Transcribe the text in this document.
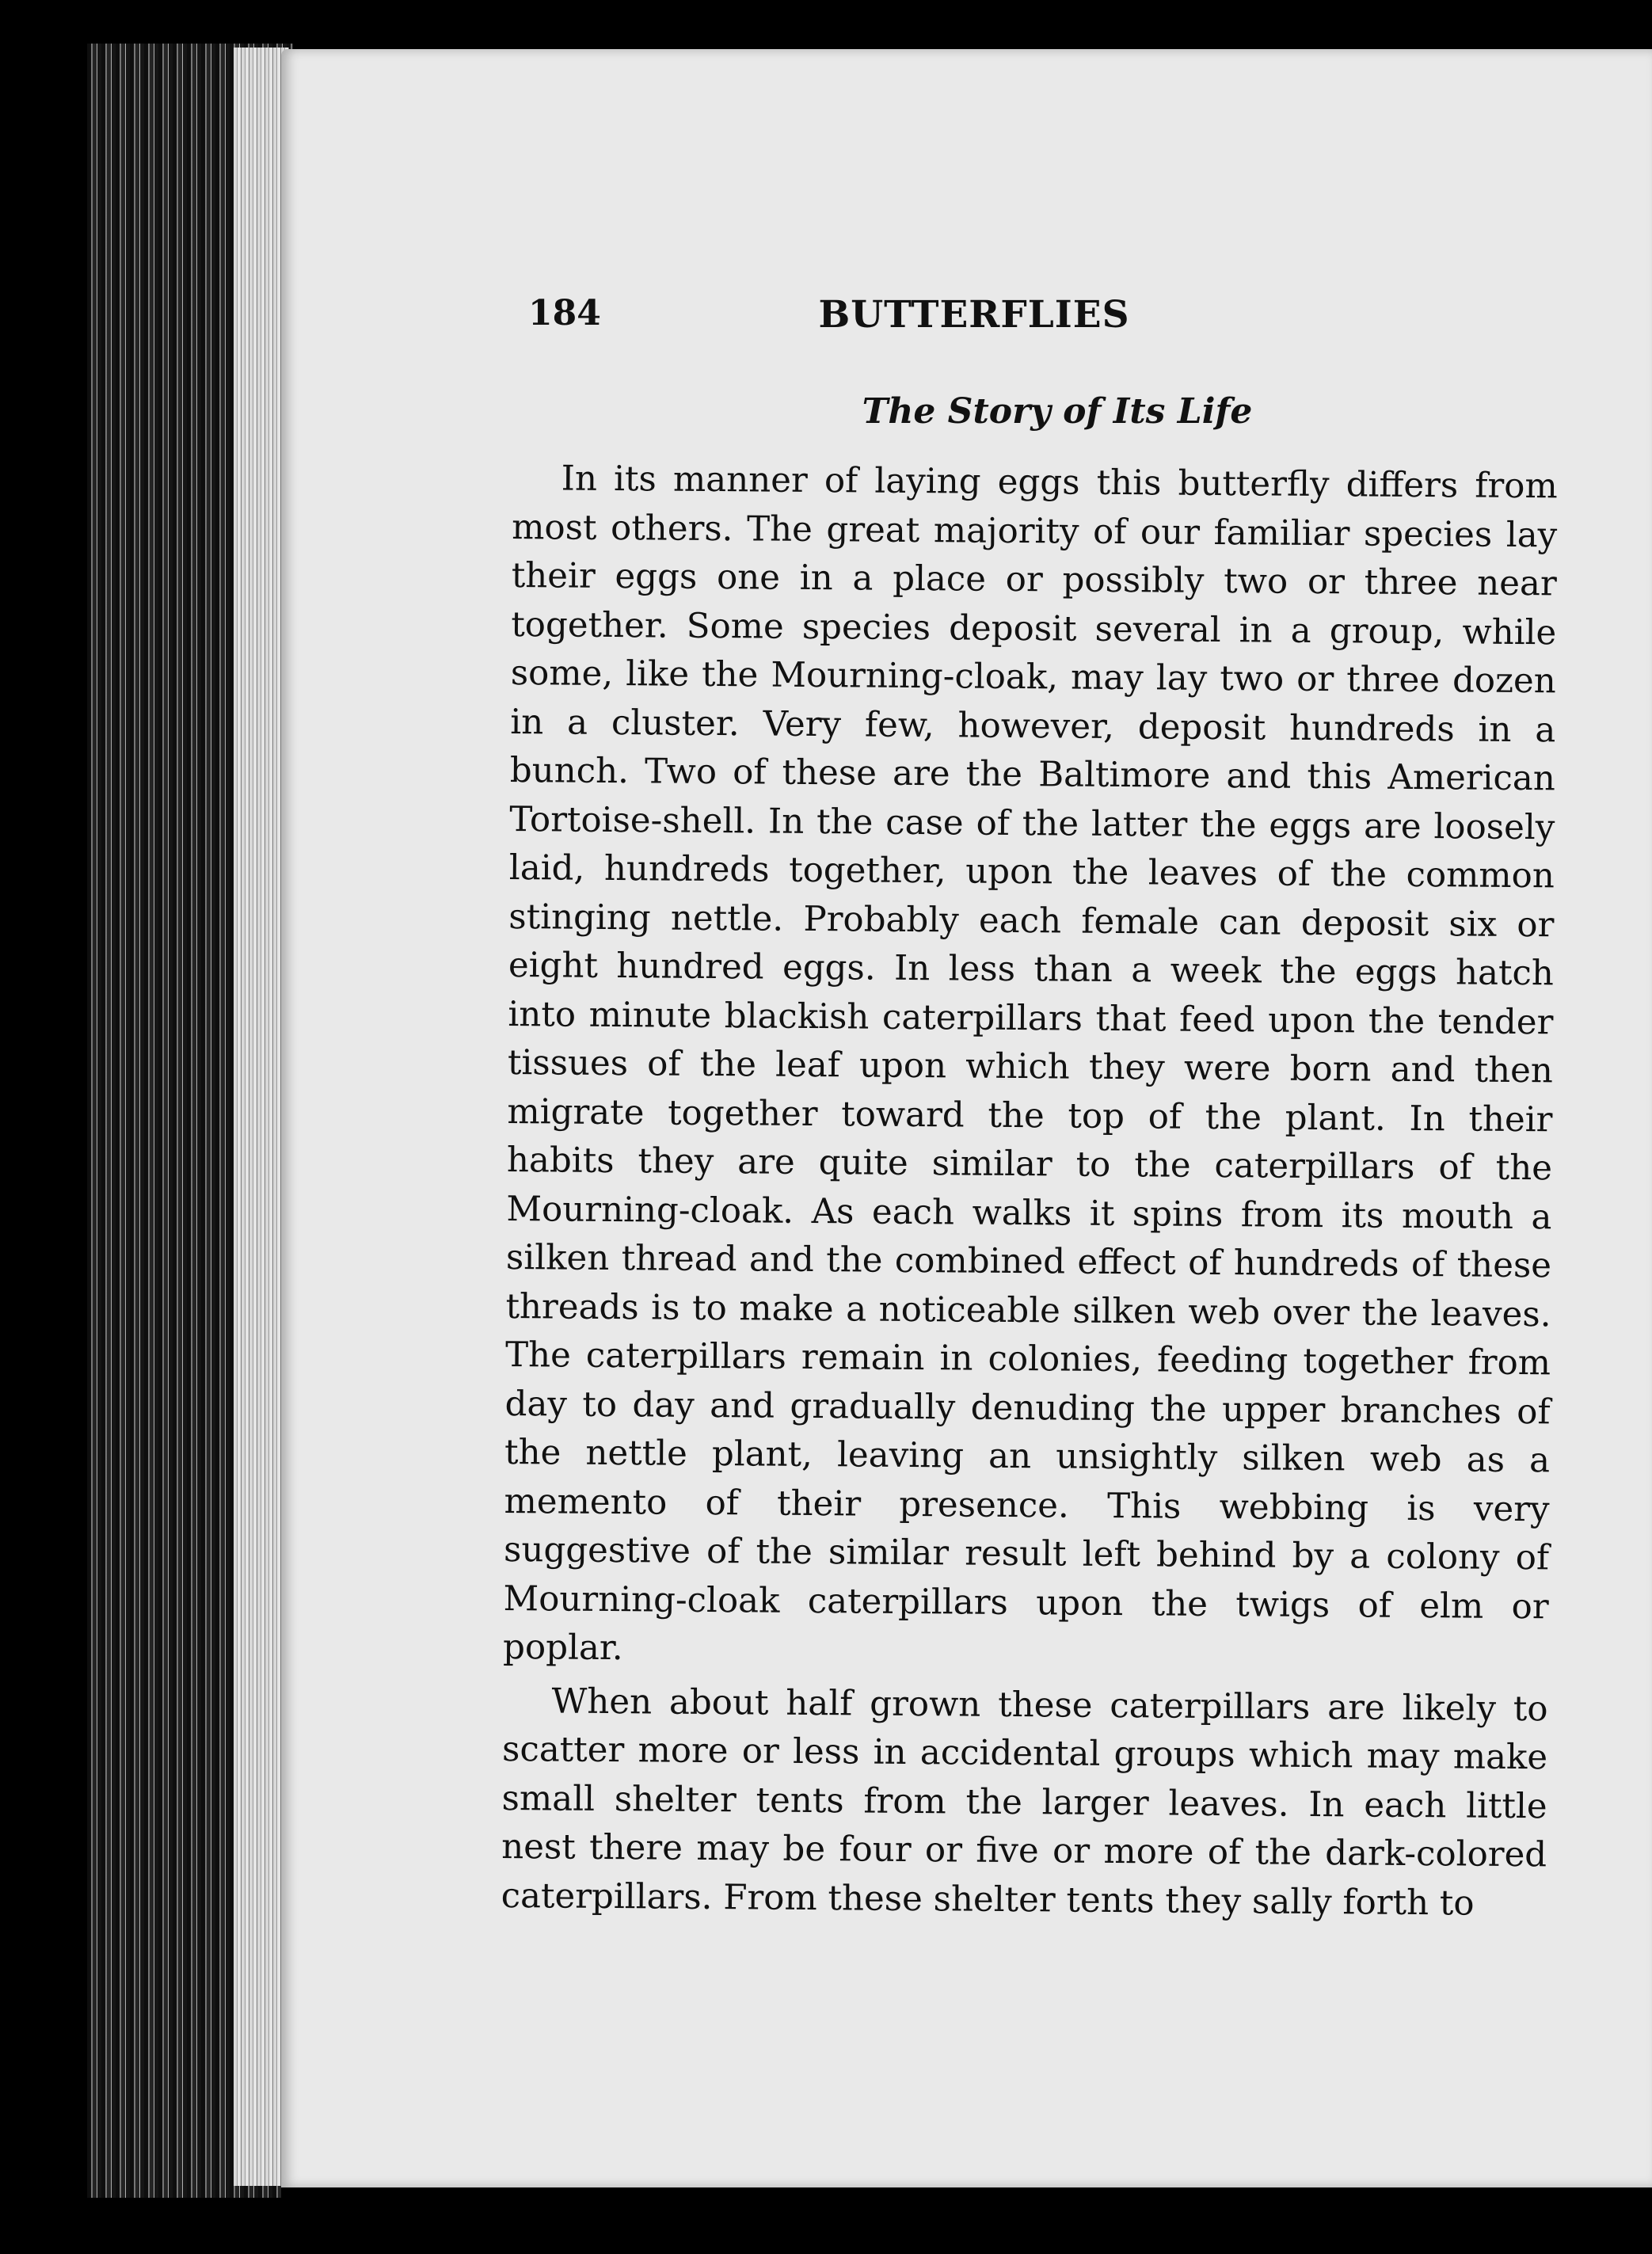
184	BUTTERFLIES
The Story of Its Life

In its manner of laying eggs this butterfly differs from most others. The great majority of our familiar species lay their eggs one in a place or possibly two or three near together. Some species deposit several in a group, while some, like the Mourning-cloak, may lay two or three dozen in a cluster. Very few, however, deposit hundreds in a bunch. Two of these are the Baltimore and this American Tortoise-shell. In the case of the latter the eggs are loosely laid, hundreds together, upon the leaves of the common stinging nettle. Probably each female can deposit six or eight hundred eggs. In less than a week the eggs hatch into minute blackish caterpillars that feed upon the tender tissues of the leaf upon which they were born and then migrate together toward the top of the plant. In their habits they are quite similar to the caterpillars of the Mourning-cloak. As each walks it spins from its mouth a silken thread and the combined effect of hundreds of these threads is to make a noticeable silken web over the leaves. The caterpillars remain in colonies, feeding together from day to day and gradually denuding the upper branches of the nettle plant, leaving an unsightly silken web as a memento of their presence. This webbing is very suggestive of the similar result left behind by a colony of Mourning-cloak caterpillars upon the twigs of elm or poplar.

When about half grown these caterpillars are likely to scatter more or less in accidental groups which may make small shelter tents from the larger leaves. In each little nest there may be four or five or more of the dark-colored caterpillars. From these shelter tents they sally forth to
